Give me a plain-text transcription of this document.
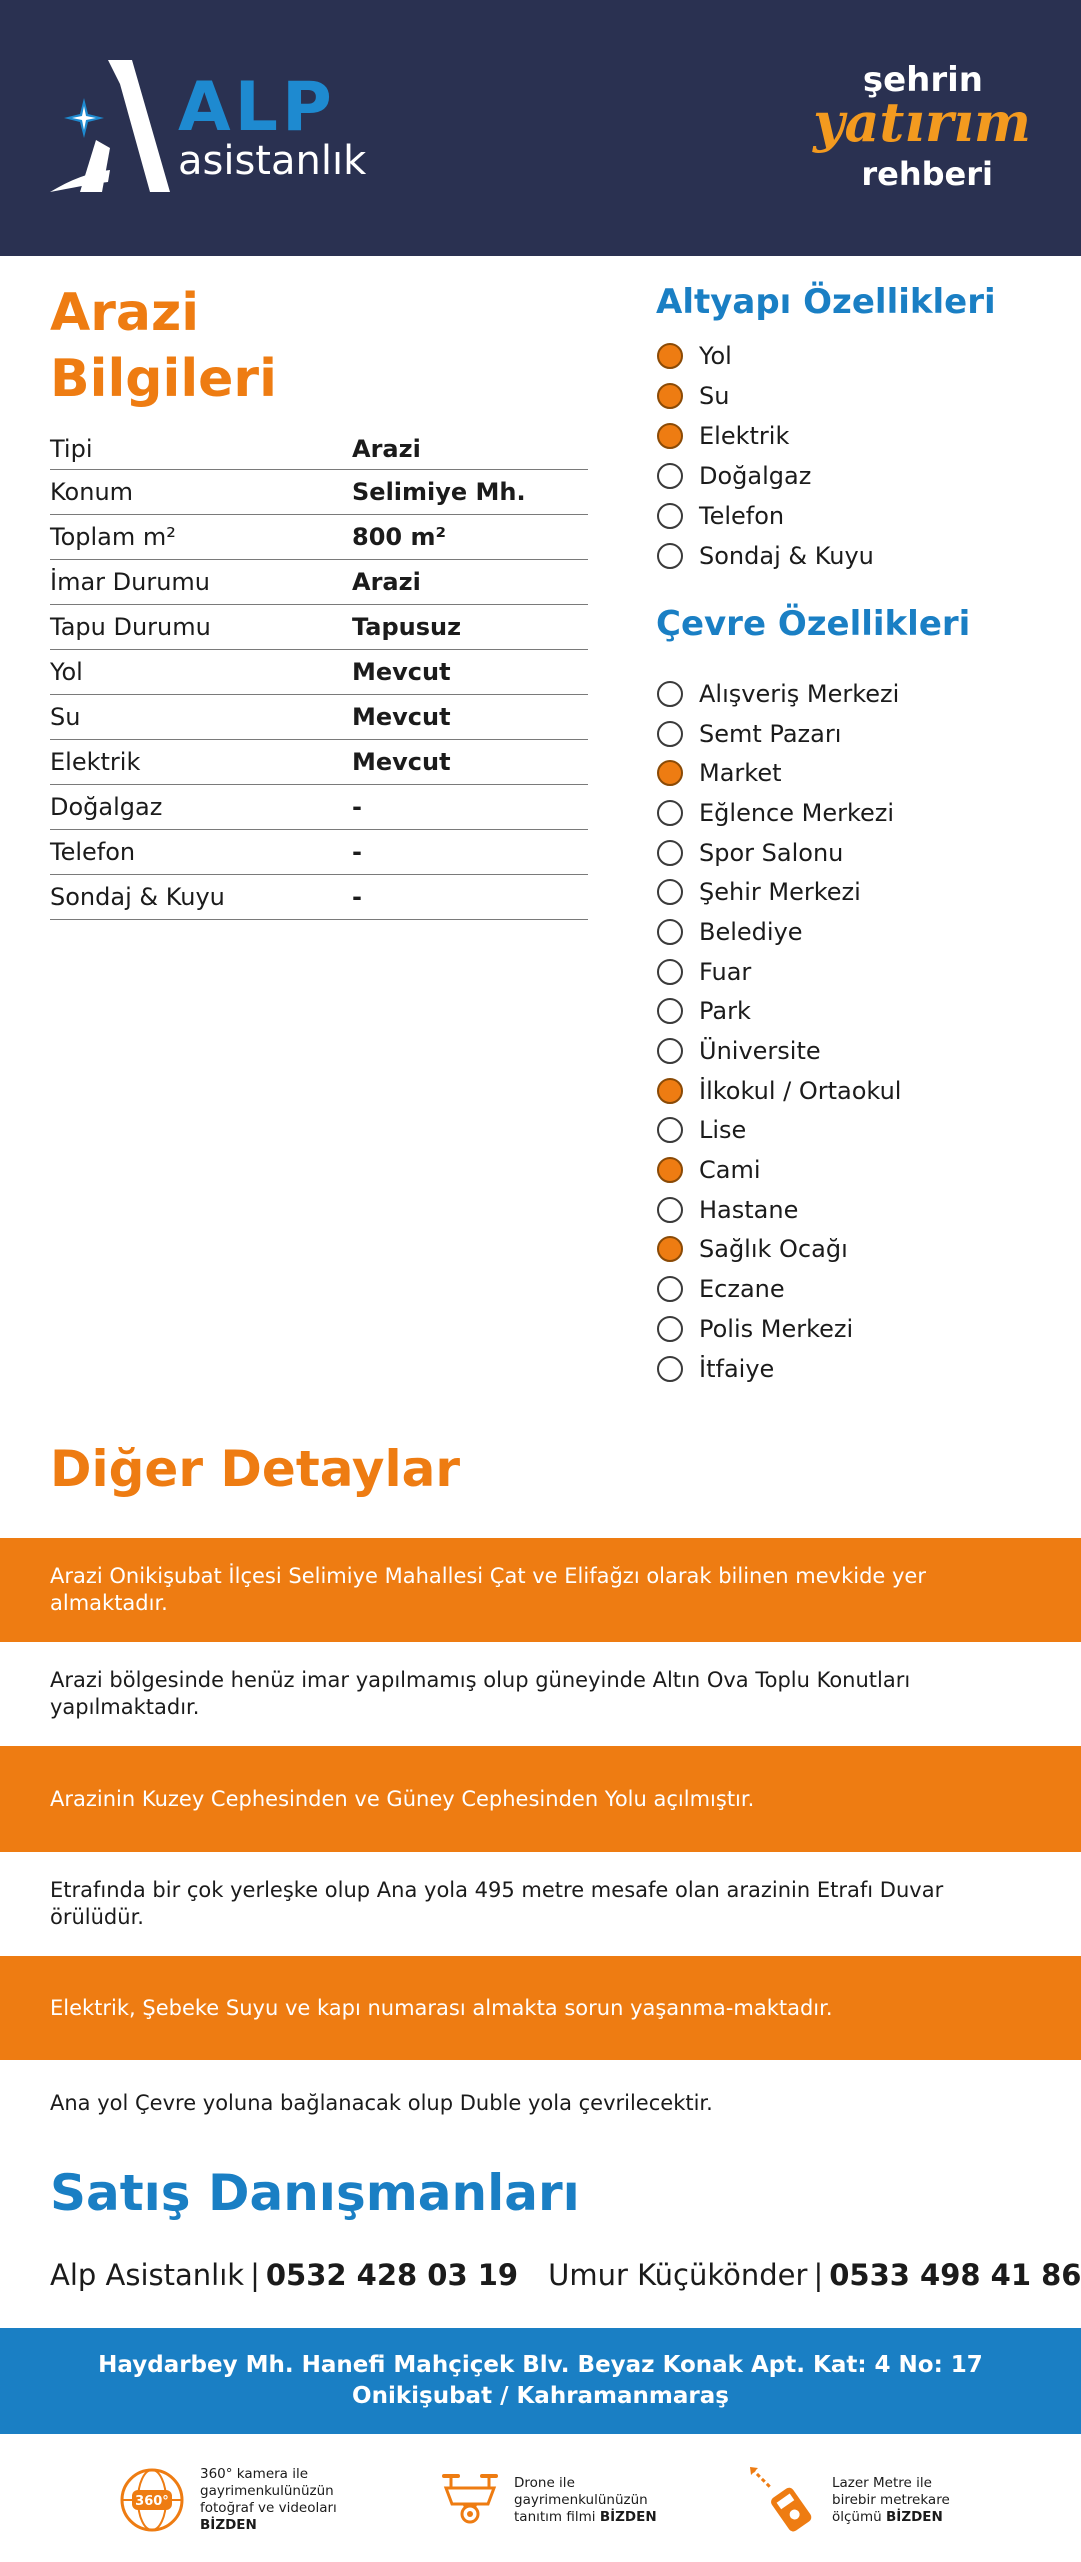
ALP
asistanlık
şehrin
yatırım
rehberi
Arazi
Bilgileri
Tipi	Arazi
Konum	Selimiye Mh.
Toplam m²	800 m²
İmar Durumu	Arazi
Tapu Durumu	Tapusuz
Yol	Mevcut
Su	Mevcut
Elektrik	Mevcut
Doğalgaz	-
Telefon	-
Sondaj & Kuyu	-
Altyapı Özellikleri
Yol
Su
Elektrik
Doğalgaz
Telefon
Sondaj & Kuyu
Çevre Özellikleri
Alışveriş Merkezi
Semt Pazarı
Market
Eğlence Merkezi
Spor Salonu
Şehir Merkezi
Belediye
Fuar
Park
Üniversite
İlkokul / Ortaokul
Lise
Cami
Hastane
Sağlık Ocağı
Eczane
Polis Merkezi
İtfaiye
Diğer Detaylar
Arazi Onikişubat İlçesi Selimiye Mahallesi Çat ve Elifağzı olarak bilinen mevkide yer almaktadır.
Arazi bölgesinde henüz imar yapılmamış olup güneyinde Altın Ova Toplu Konutları yapılmaktadır.
Arazinin Kuzey Cephesinden ve Güney Cephesinden Yolu açılmıştır.
Etrafında bir çok yerleşke olup Ana yola 495 metre mesafe olan arazinin Etrafı Duvar örülüdür.
Elektrik, Şebeke Suyu ve kapı numarası almakta sorun yaşanma-maktadır.
Ana yol Çevre yoluna bağlanacak olup Duble yola çevrilecektir.
Satış Danışmanları
Alp Asistanlık | 0532 428 03 19 Umur Küçükönder | 0533 498 41 86
Haydarbey Mh. Hanefi Mahçiçek Blv. Beyaz Konak Apt. Kat: 4 No: 17
Onikişubat / Kahramanmaraş
360°
360° kamera ile
gayrimenkulünüzün
fotoğraf ve videoları
BİZDEN
Drone ile
gayrimenkulünüzün
tanıtım filmi BİZDEN
Lazer Metre ile
birebir metrekare
ölçümü BİZDEN
